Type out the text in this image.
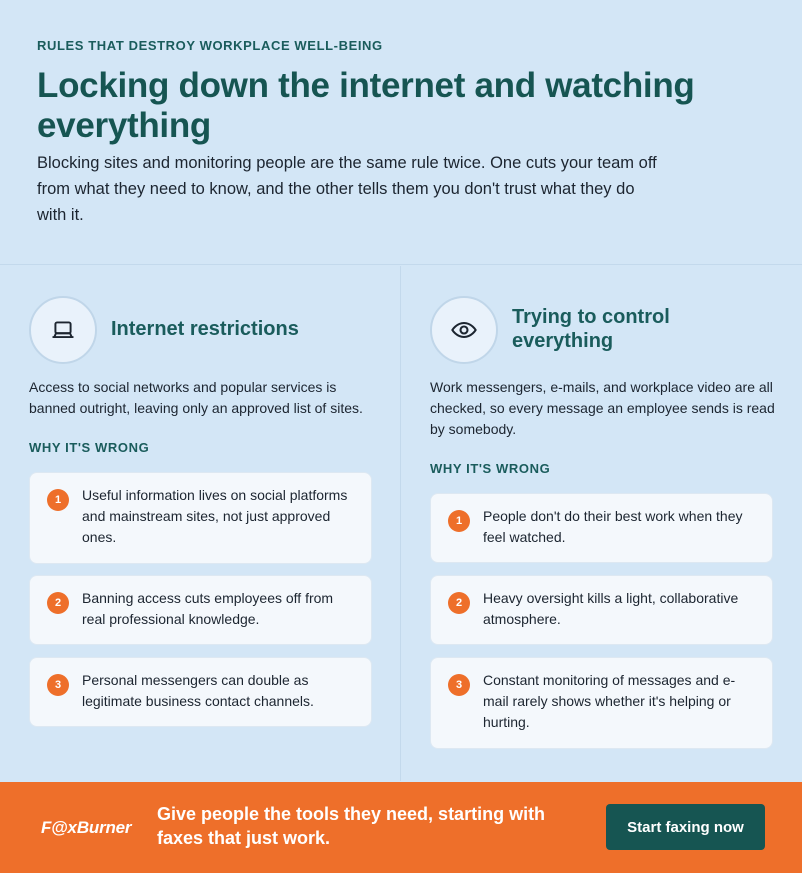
RULES THAT DESTROY WORKPLACE WELL-BEING
Locking down the internet and watching everything

Blocking sites and monitoring people are the same rule twice. One cuts your team off from what they need to know, and the other tells them you don't trust what they do with it.

Internet restrictions

Access to social networks and popular services is banned outright, leaving only an approved list of sites.

WHY IT'S WRONG
1	Useful information lives on social platforms and mainstream sites, not just approved ones.

2	Banning access cuts employees off from real professional knowledge.

3	Personal messengers can double as legitimate business contact channels.

Trying to control everything

Work messengers, e-mails, and workplace video are all checked, so every message an employee sends is read by somebody.

WHY IT'S WRONG
1	People don't do their best work when they feel watched.

2	Heavy oversight kills a light, collaborative atmosphere.

3	Constant monitoring of messages and e-mail rarely shows whether it's helping or hurting.

F@xBurner

Give people the tools they need, starting with faxes that just work.

Start faxing now
